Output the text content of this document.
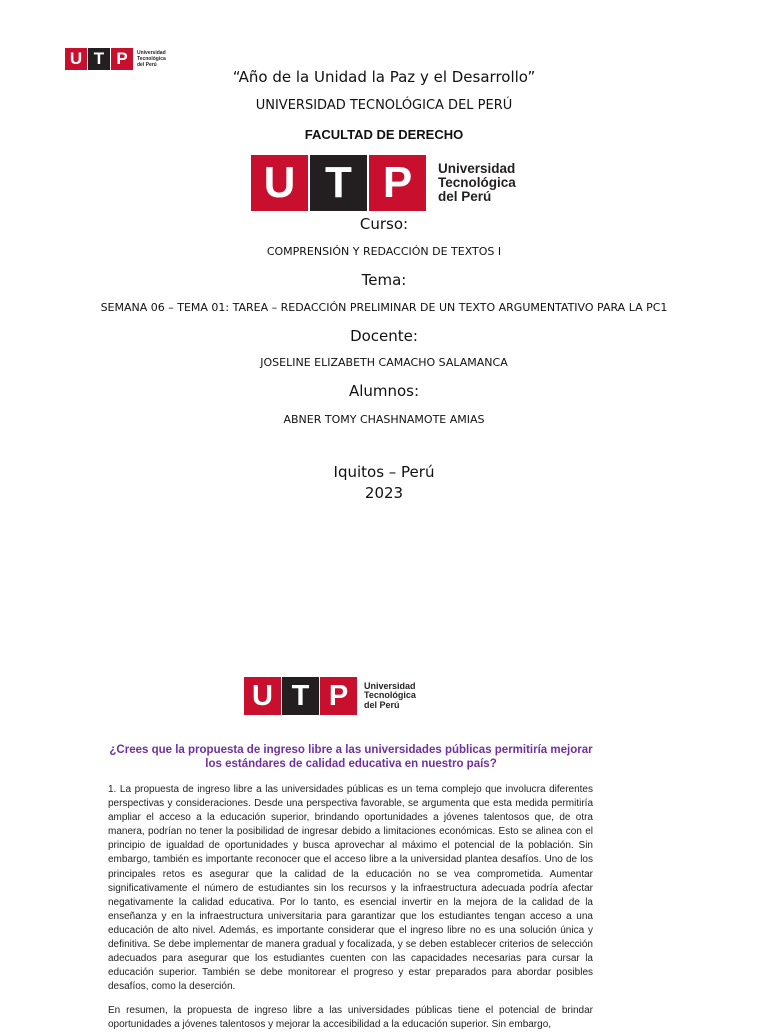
U T P	Universidad
Tecnológica
del Perú
“Año de la Unidad la Paz y el Desarrollo”
UNIVERSIDAD TECNOLÓGICA DEL PERÚ
FACULTAD DE DERECHO
U T P	Universidad
Tecnológica
del Perú
Curso:
COMPRENSIÓN Y REDACCIÓN DE TEXTOS I
Tema:
SEMANA 06 – TEMA 01: TAREA – REDACCIÓN PRELIMINAR DE UN TEXTO ARGUMENTATIVO PARA LA PC1
Docente:
JOSELINE ELIZABETH CAMACHO SALAMANCA
Alumnos:
ABNER TOMY CHASHNAMOTE AMIAS
Iquitos – Perú
2023
U T P	Universidad
Tecnológica
del Perú
¿Crees que la propuesta de ingreso libre a las universidades públicas permitiría mejorar los estándares de calidad educativa en nuestro país?

1. La propuesta de ingreso libre a las universidades públicas es un tema complejo que involucra diferentes perspectivas y consideraciones. Desde una perspectiva favorable, se argumenta que esta medida permitiría ampliar el acceso a la educación superior, brindando oportunidades a jóvenes talentosos que, de otra manera, podrían no tener la posibilidad de ingresar debido a limitaciones económicas. Esto se alinea con el principio de igualdad de oportunidades y busca aprovechar al máximo el potencial de la población. Sin embargo, también es importante reconocer que el acceso libre a la universidad plantea desafíos. Uno de los principales retos es asegurar que la calidad de la educación no se vea comprometida. Aumentar significativamente el número de estudiantes sin los recursos y la infraestructura adecuada podría afectar negativamente la calidad educativa. Por lo tanto, es esencial invertir en la mejora de la calidad de la enseñanza y en la infraestructura universitaria para garantizar que los estudiantes tengan acceso a una educación de alto nivel. Además, es importante considerar que el ingreso libre no es una solución única y definitiva. Se debe implementar de manera gradual y focalizada, y se deben establecer criterios de selección adecuados para asegurar que los estudiantes cuenten con las capacidades necesarias para cursar la educación superior. También se debe monitorear el progreso y estar preparados para abordar posibles desafíos, como la deserción.

En resumen, la propuesta de ingreso libre a las universidades públicas tiene el potencial de brindar oportunidades a jóvenes talentosos y mejorar la accesibilidad a la educación superior. Sin embargo,
